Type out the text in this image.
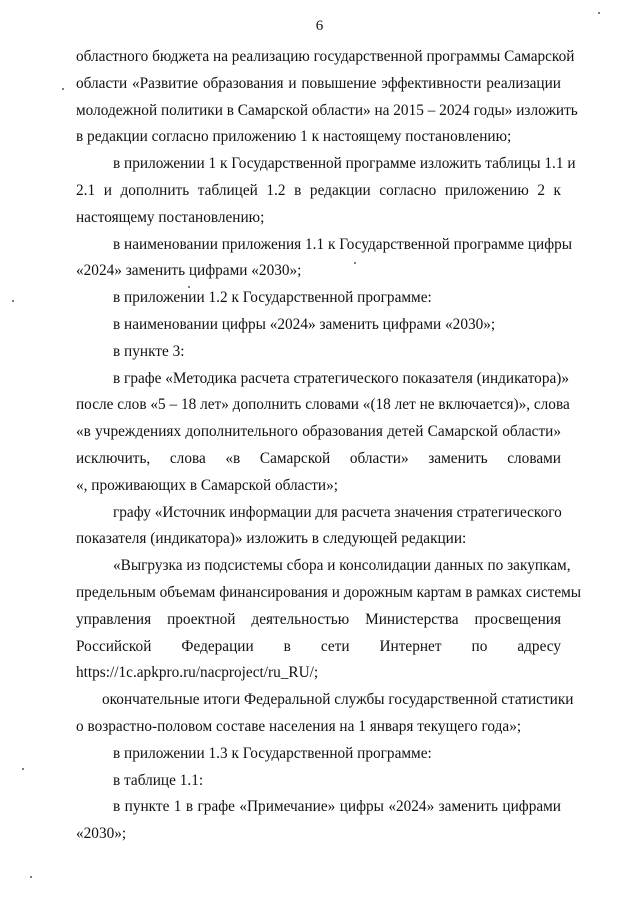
6
областного бюджета на реализацию государственной программы Самарской
области «Развитие образования и повышение эффективности реализации
молодежной политики в Самарской области» на 2015 – 2024 годы» изложить
в редакции согласно приложению 1 к настоящему постановлению;
в приложении 1 к Государственной программе изложить таблицы 1.1 и
2.1 и дополнить таблицей 1.2 в редакции согласно приложению 2 к
настоящему постановлению;
в наименовании приложения 1.1 к Государственной программе цифры
«2024» заменить цифрами «2030»;
в приложении 1.2 к Государственной программе:
в наименовании цифры «2024» заменить цифрами «2030»;
в пункте 3:
в графе «Методика расчета стратегического показателя (индикатора)»
после слов «5 – 18 лет» дополнить словами «(18 лет не включается)», слова
«в учреждениях дополнительного образования детей Самарской области»
исключить, слова «в Самарской области» заменить словами
«, проживающих в Самарской области»;
графу «Источник информации для расчета значения стратегического
показателя (индикатора)» изложить в следующей редакции:
«Выгрузка из подсистемы сбора и консолидации данных по закупкам,
предельным объемам финансирования и дорожным картам в рамках системы
управления проектной деятельностью Министерства просвещения
Российской Федерации в сети Интернет по адресу
https://1c.apkpro.ru/nacproject/ru_RU/;
окончательные итоги Федеральной службы государственной статистики
о возрастно-половом составе населения на 1 января текущего года»;
в приложении 1.3 к Государственной программе:
в таблице 1.1:
в пункте 1 в графе «Примечание» цифры «2024» заменить цифрами
«2030»;
